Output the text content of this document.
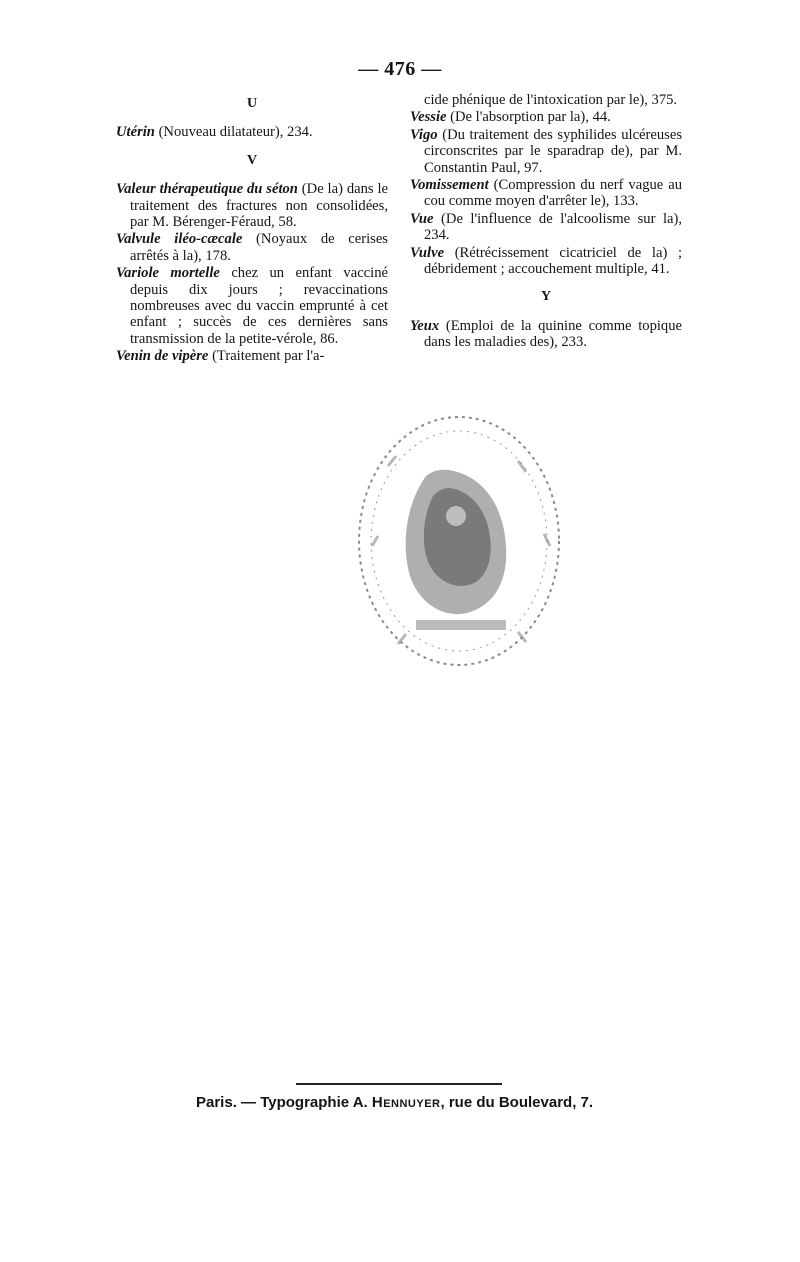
— 476 —
U

Utérin (Nouveau dilatateur), 234.

V

Valeur thérapeutique du séton (De la) dans le traitement des fractures non consolidées, par M. Bérenger-Féraud, 58.

Valvule iléo-cæcale (Noyaux de cerises arrêtés à la), 178.

Variole mortelle chez un enfant vacciné depuis dix jours ; revaccinations nombreuses avec du vaccin emprunté à cet enfant ; succès de ces dernières sans transmission de la petite-vérole, 86.

Venin de vipère (Traitement par l'a-

cide phénique de l'intoxication par le), 375.

Vessie (De l'absorption par la), 44.

Vigo (Du traitement des syphilides ulcéreuses circonscrites par le sparadrap de), par M. Constantin Paul, 97.

Vomissement (Compression du nerf vague au cou comme moyen d'arrêter le), 133.

Vue (De l'influence de l'alcoolisme sur la), 234.

Vulve (Rétrécissement cicatriciel de la) ; débridement ; accouchement multiple, 41.

Y

Yeux (Emploi de la quinine comme topique dans les maladies des), 233.

Paris. — Typographie A. Hennuyer, rue du Boulevard, 7.
